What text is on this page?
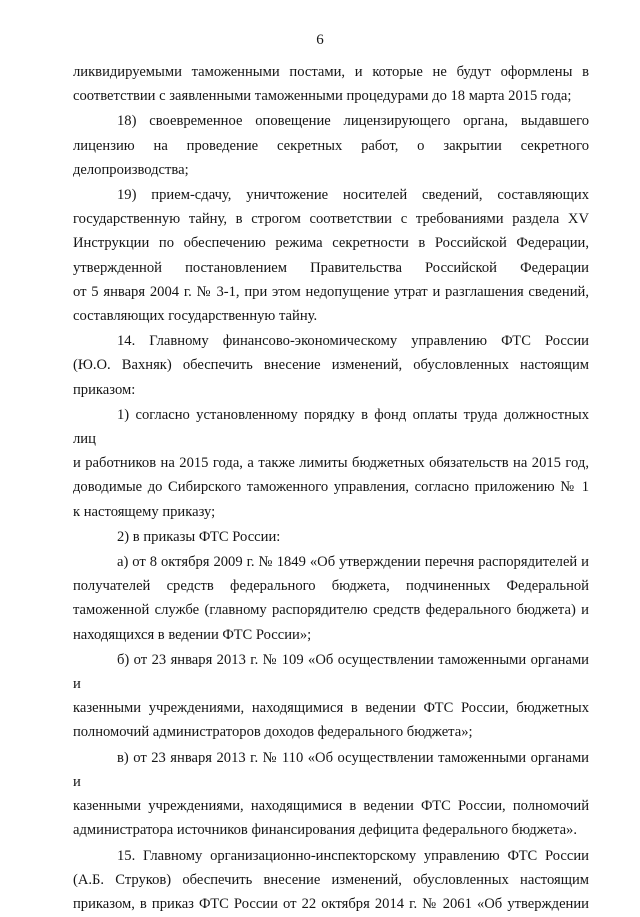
6
ликвидируемыми таможенными постами, и которые не будут оформлены в
соответствии с заявленными таможенными процедурами до 18 марта 2015 года;
18) своевременное оповещение лицензирующего органа, выдавшего
лицензию на проведение секретных работ, о закрытии секретного
делопроизводства;
19) прием-сдачу, уничтожение носителей сведений, составляющих
государственную тайну, в строгом соответствии с требованиями раздела XV
Инструкции по обеспечению режима секретности в Российской Федерации,
утвержденной постановлением Правительства Российской Федерации
от 5 января 2004 г. № 3-1, при этом недопущение утрат и разглашения сведений,
составляющих государственную тайну.
14. Главному финансово-экономическому управлению ФТС России
(Ю.О. Вахняк) обеспечить внесение изменений, обусловленных настоящим
приказом:
1) согласно установленному порядку в фонд оплаты труда должностных лиц
и работников на 2015 года, а также лимиты бюджетных обязательств на 2015 год,
доводимые до Сибирского таможенного управления, согласно приложению № 1
к настоящему приказу;
2) в приказы ФТС России:
а) от 8 октября 2009 г. № 1849 «Об утверждении перечня распорядителей и
получателей средств федерального бюджета, подчиненных Федеральной
таможенной службе (главному распорядителю средств федерального бюджета) и
находящихся в ведении ФТС России»;
б) от 23 января 2013 г. № 109 «Об осуществлении таможенными органами и
казенными учреждениями, находящимися в ведении ФТС России, бюджетных
полномочий администраторов доходов федерального бюджета»;
в) от 23 января 2013 г. № 110 «Об осуществлении таможенными органами и
казенными учреждениями, находящимися в ведении ФТС России, полномочий
администратора источников финансирования дефицита федерального бюджета».
15. Главному организационно-инспекторскому управлению ФТС России
(А.Б. Струков) обеспечить внесение изменений, обусловленных настоящим
приказом, в приказ ФТС России от 22 октября 2014 г. № 2061 «Об утверждении
